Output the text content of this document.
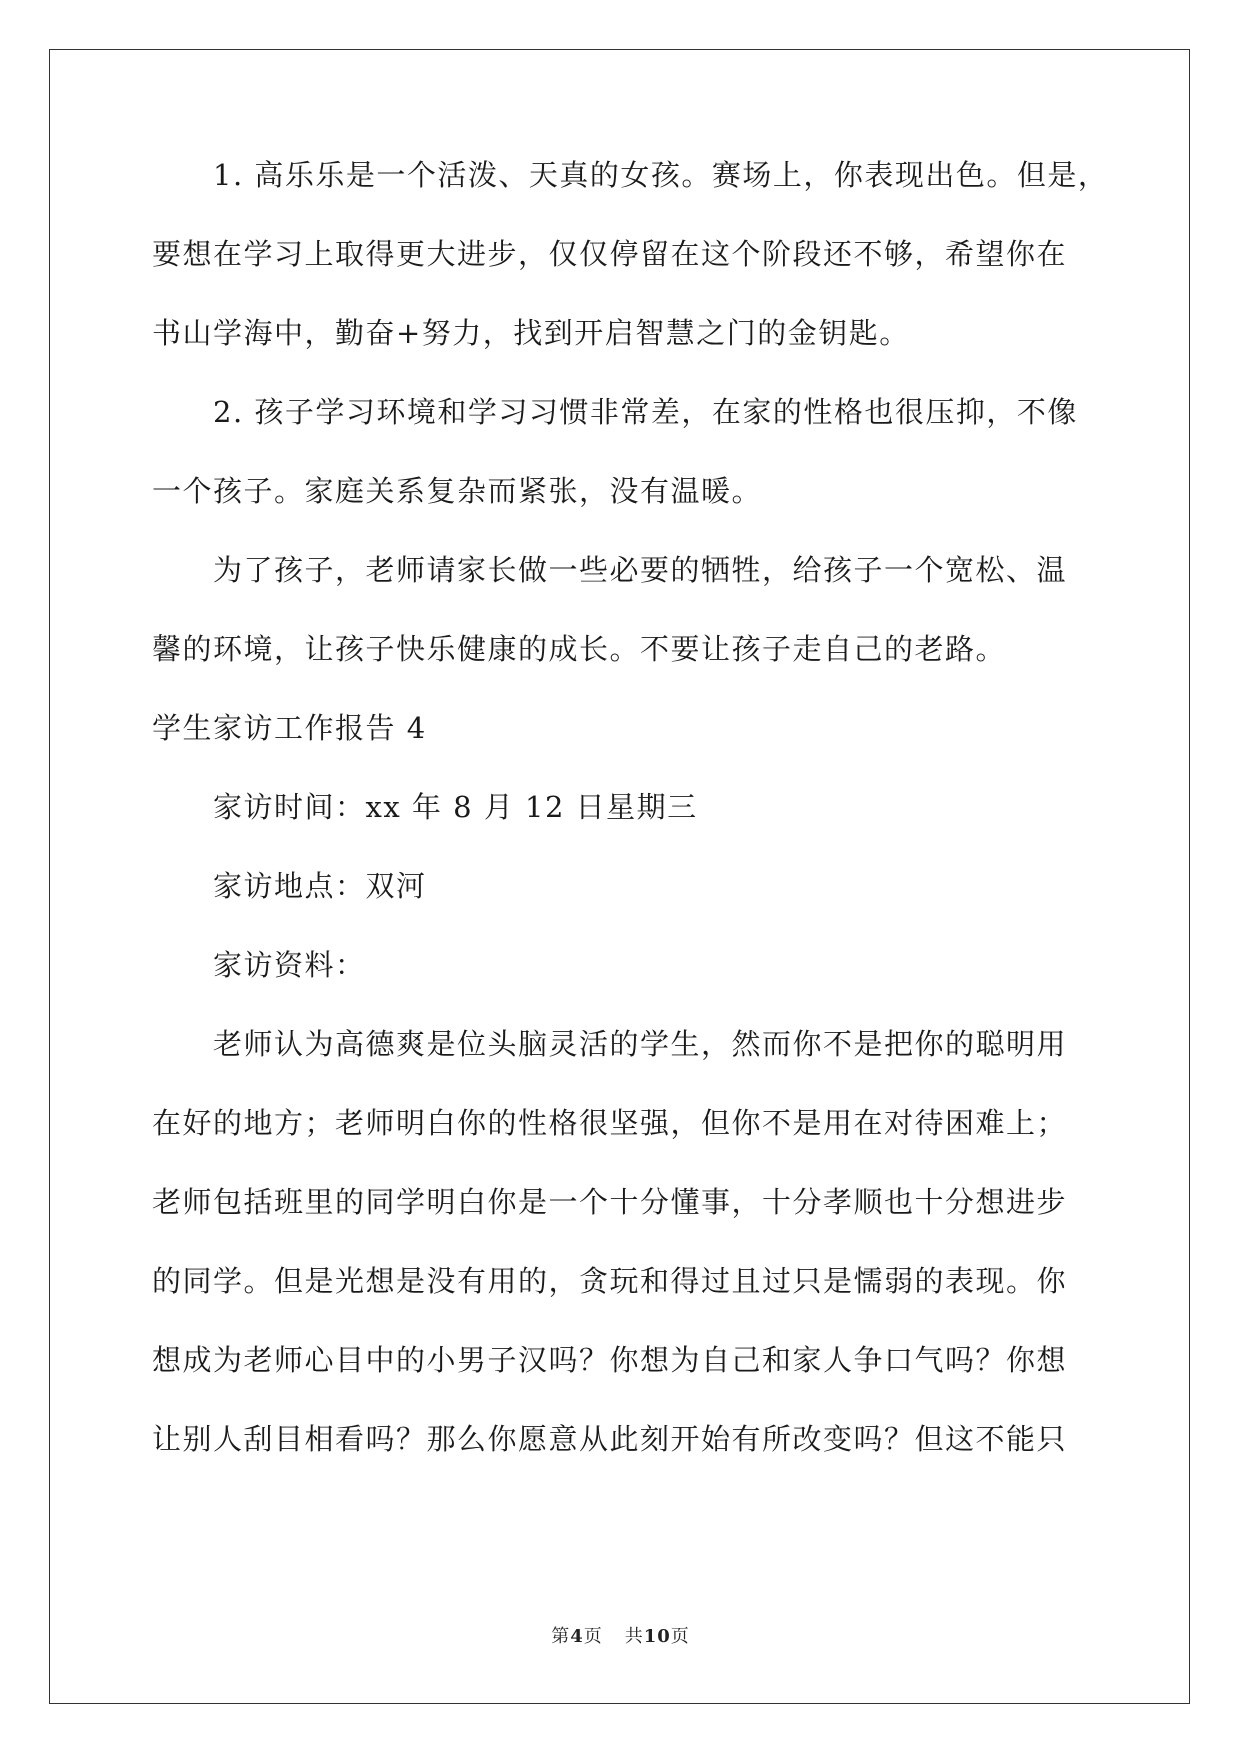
　　1. 高乐乐是一个活泼、天真的女孩。赛场上，你表现出色。但是，

要想在学习上取得更大进步，仅仅停留在这个阶段还不够，希望你在

书山学海中，勤奋+努力，找到开启智慧之门的金钥匙。

　　2. 孩子学习环境和学习习惯非常差，在家的性格也很压抑，不像

一个孩子。家庭关系复杂而紧张，没有温暖。

　　为了孩子，老师请家长做一些必要的牺牲，给孩子一个宽松、温

馨的环境，让孩子快乐健康的成长。不要让孩子走自己的老路。

学生家访工作报告 4

　　家访时间：xx 年 8 月 12 日星期三

　　家访地点：双河

　　家访资料：

　　老师认为高德爽是位头脑灵活的学生，然而你不是把你的聪明用

在好的地方；老师明白你的性格很坚强，但你不是用在对待困难上；

老师包括班里的同学明白你是一个十分懂事，十分孝顺也十分想进步

的同学。但是光想是没有用的，贪玩和得过且过只是懦弱的表现。你

想成为老师心目中的小男子汉吗？你想为自己和家人争口气吗？你想

让别人刮目相看吗？那么你愿意从此刻开始有所改变吗？但这不能只

第4页 共10页
